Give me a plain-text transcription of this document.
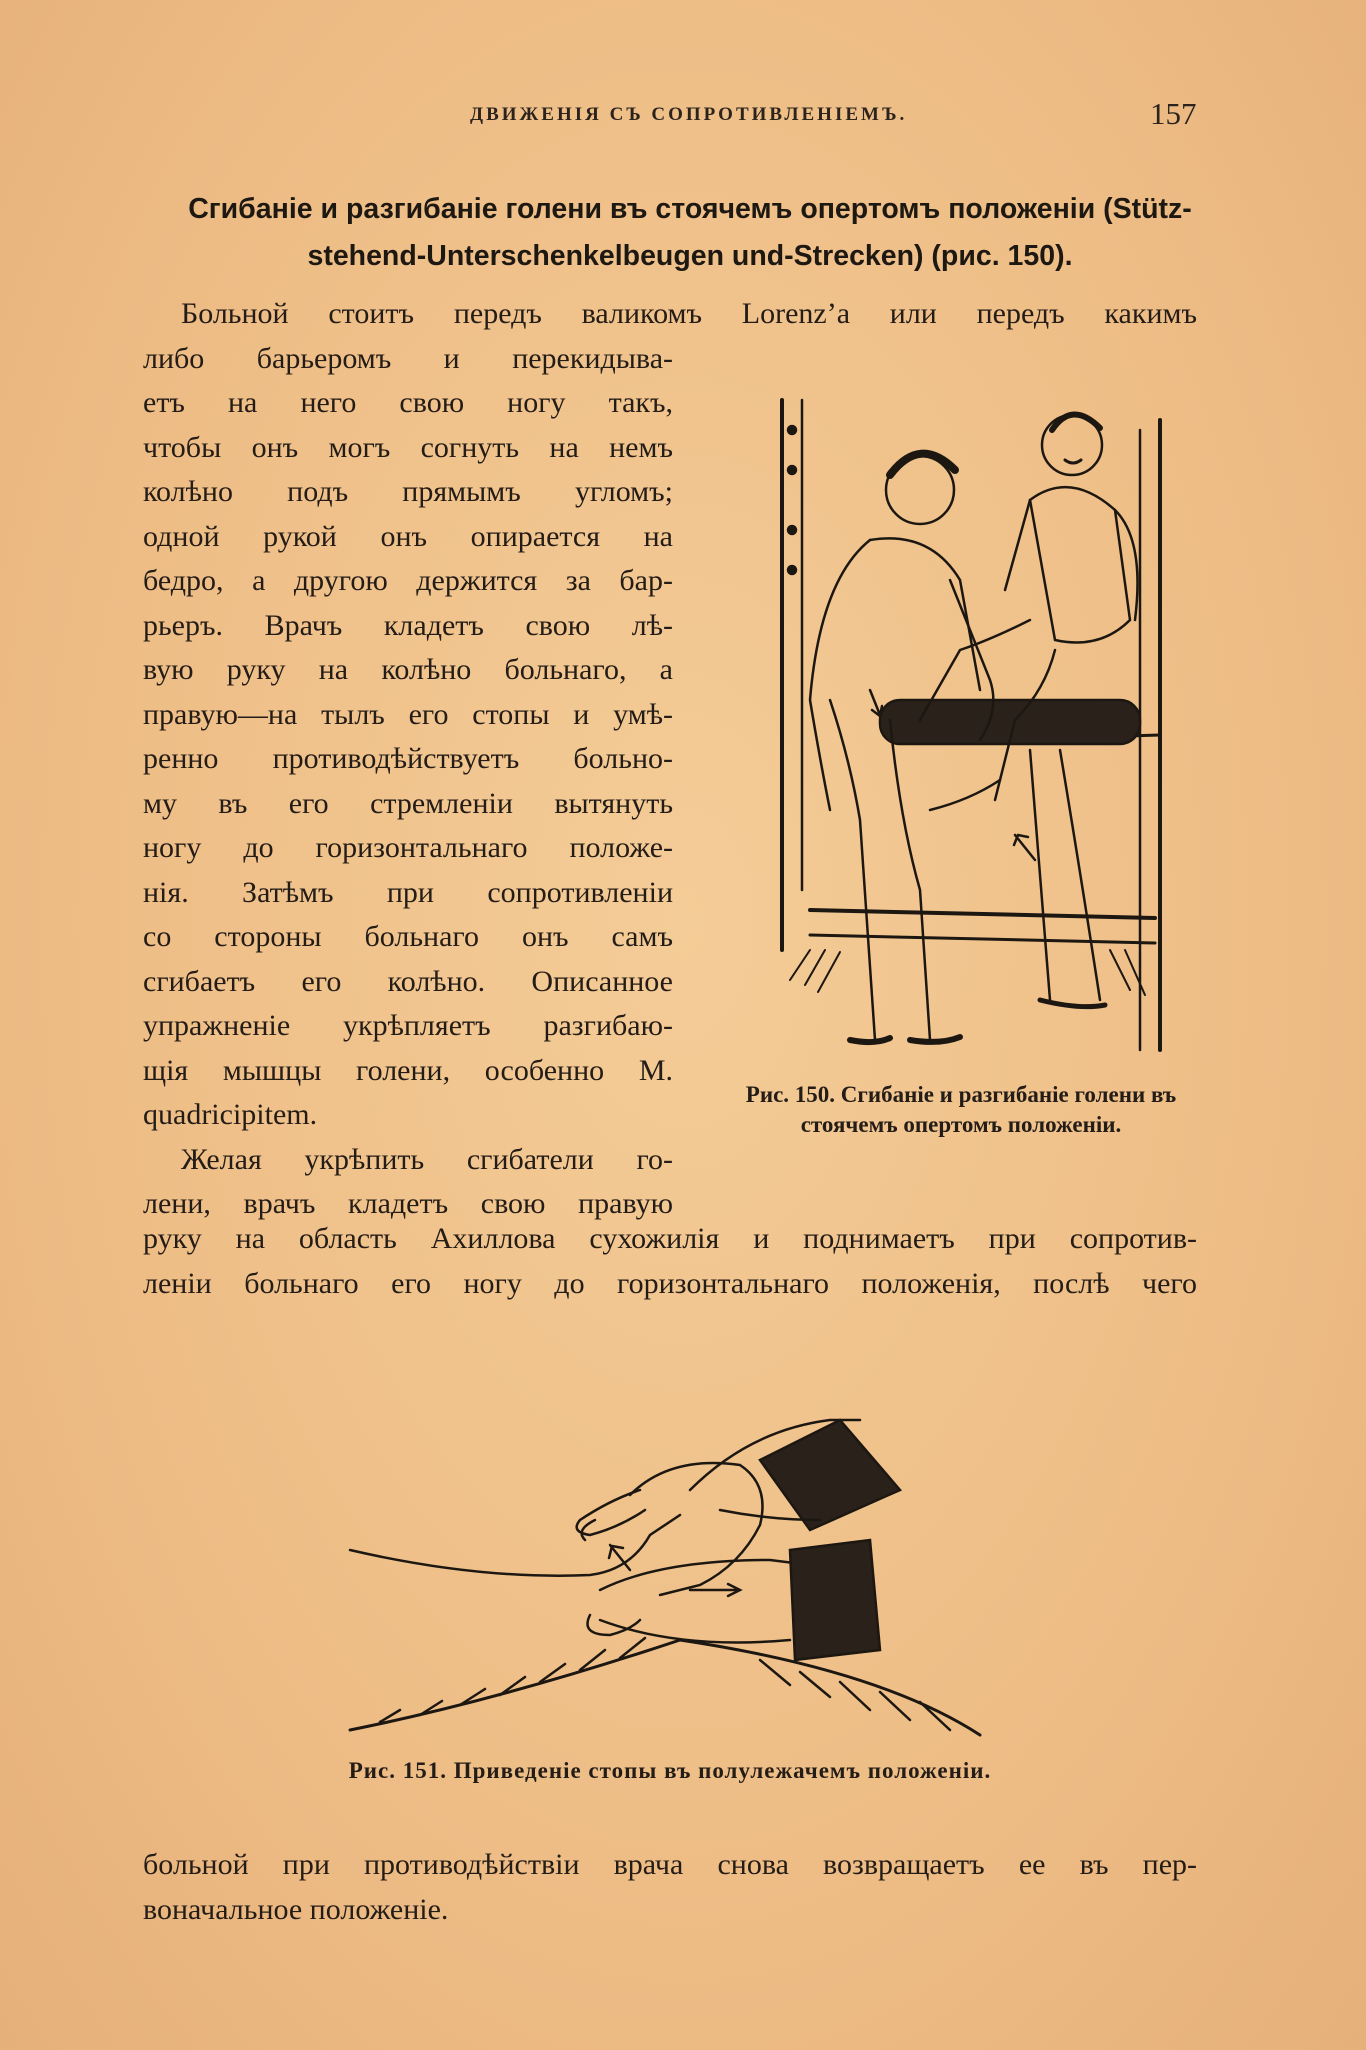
ДВИЖЕНІЯ СЪ СОПРОТИВЛЕНІЕМЪ.	157
Сгибаніе и разгибаніе голени въ стоячемъ опертомъ положеніи (Stütz-
stehend-Unterschenkelbeugen und-Strecken) (рис. 150).
Больной стоитъ передъ валикомъ Lorenz’а или передъ какимъ
либо барьеромъ и перекидыва-
етъ на него свою ногу такъ,
чтобы онъ могъ согнуть на немъ
колѣно подъ прямымъ угломъ;
одной рукой онъ опирается на
бедро, а другою держится за бар-
рьеръ. Врачъ кладетъ свою лѣ-
вую руку на колѣно больнаго, а
правую—на тылъ его стопы и умѣ-
ренно противодѣйствуетъ больно-
му въ его стремленіи вытянуть
ногу до горизонтальнаго положе-
нія. Затѣмъ при сопротивленіи
со стороны больнаго онъ самъ
сгибаетъ его колѣно. Описанное
упражненіе укрѣпляетъ разгибаю-
щія мышцы голени, особенно M.
quadricipitem.
Желая укрѣпить сгибатели го-
лени, врачъ кладетъ свою правую
Рис. 150. Сгибаніе и разгибаніе голени въ стоячемъ опертомъ положеніи.
руку на область Ахиллова сухожилія и поднимаетъ при сопротив-
леніи больнаго его ногу до горизонтальнаго положенія, послѣ чего
Рис. 151. Приведеніе стопы въ полулежачемъ положеніи.
больной при противодѣйствіи врача снова возвращаетъ ее въ пер-
воначальное положеніе.
